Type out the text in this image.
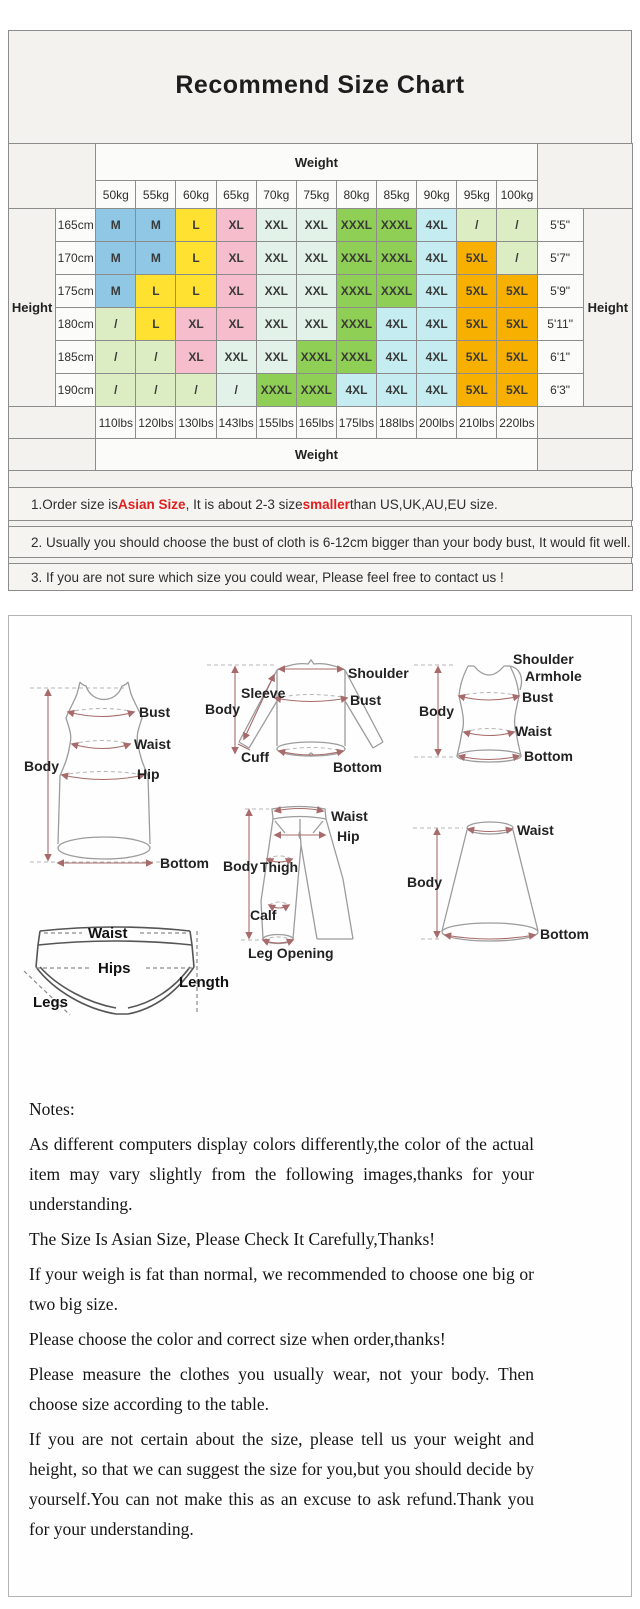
Recommend Size Chart
		Weight												
		50kg	55kg	60kg	65kg	70kg	75kg	80kg	85kg	90kg	95kg	100kg		
Height	165cm	M	M	L	XL	XXL	XXL	XXXL	XXXL	4XL	/	/	5'5"	Height
	170cm	M	M	L	XL	XXL	XXL	XXXL	XXXL	4XL	5XL	/	5'7"	
	175cm	M	L	L	XL	XXL	XXL	XXXL	XXXL	4XL	5XL	5XL	5'9"	
	180cm	/	L	XL	XL	XXL	XXL	XXXL	4XL	4XL	5XL	5XL	5'11"	
	185cm	/	/	XL	XXL	XXL	XXXL	XXXL	4XL	4XL	5XL	5XL	6'1"	
	190cm	/	/	/	/	XXXL	XXXL	4XL	4XL	4XL	5XL	5XL	6'3"	
		110lbs	120lbs	130lbs	143lbs	155lbs	165lbs	175lbs	188lbs	200lbs	210lbs	220lbs		
		Weight												
1.Order size is Asian Size , It is about 2-3 size smaller than US,UK,AU,EU size.
2. Usually you should choose the bust of cloth is 6-12cm bigger than your body bust, It would fit well.
3. If you are not sure which size you could wear, Please feel free to contact us !
Bust
Waist
Hip
Body
Bottom
Shoulder
Sleeve
Body
Bust
Cuff
Bottom
Shoulder
Armhole
Body
Bust
Waist
Bottom
Waist
Hip
Body Thigh
Calf
Leg Opening
Waist
Body
Bottom
Waist
Hips
Legs
Length

Notes:

As different computers display colors differently,the color of the actual item may vary slightly from the following images,thanks for your understanding.

The Size Is Asian Size, Please Check It Carefully,Thanks!

If your weigh is fat than normal, we recommended to choose one big or two big size.

Please choose the color and correct size when order,thanks!

Please measure the clothes you usually wear, not your body. Then choose size according to the table.

If you are not certain about the size, please tell us your weight and height, so that we can suggest the size for you,but you should decide by yourself.You can not make this as an excuse to ask refund.Thank you for your understanding.
